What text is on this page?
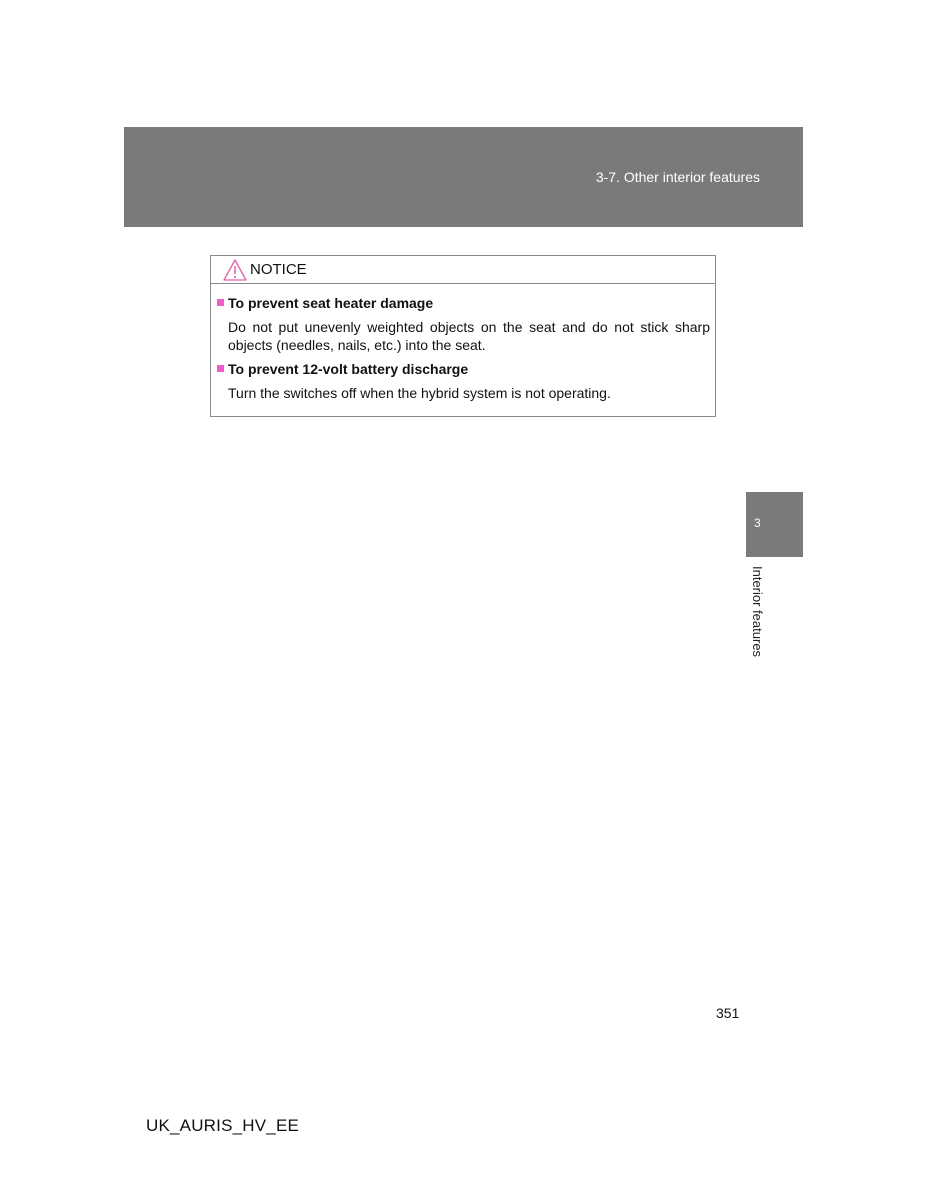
3-7. Other interior features
NOTICE
To prevent seat heater damage
Do not put unevenly weighted objects on the seat and do not stick sharp objects (needles, nails, etc.) into the seat.
To prevent 12-volt battery discharge
Turn the switches off when the hybrid system is not operating.
3
Interior features
351
UK_AURIS_HV_EE
